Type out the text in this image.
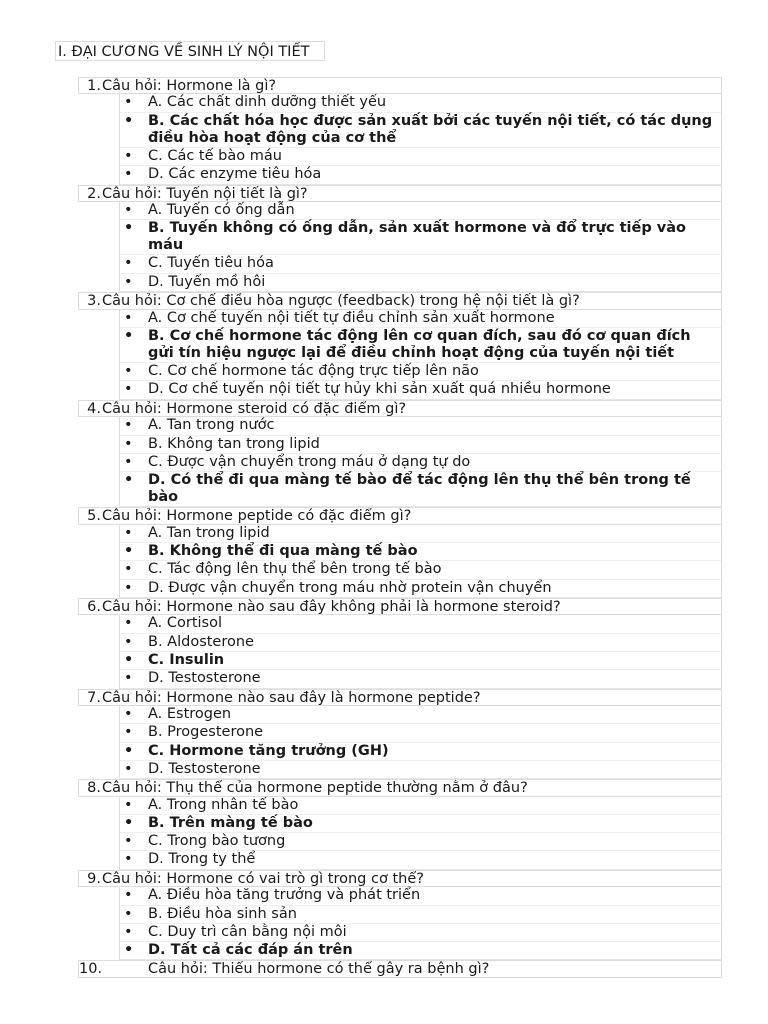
I. ĐẠI CƯƠNG VỀ SINH LÝ NỘI TIẾT
1. Câu hỏi: Hormone là gì?
• A. Các chất dinh dưỡng thiết yếu
• B. Các chất hóa học được sản xuất bởi các tuyến nội tiết, có tác dụng điều hòa hoạt động của cơ thể
• C. Các tế bào máu
• D. Các enzyme tiêu hóa
2. Câu hỏi: Tuyến nội tiết là gì?
• A. Tuyến có ống dẫn
• B. Tuyến không có ống dẫn, sản xuất hormone và đổ trực tiếp vào máu
• C. Tuyến tiêu hóa
• D. Tuyến mồ hôi
3. Câu hỏi: Cơ chế điều hòa ngược (feedback) trong hệ nội tiết là gì?
• A. Cơ chế tuyến nội tiết tự điều chỉnh sản xuất hormone
• B. Cơ chế hormone tác động lên cơ quan đích, sau đó cơ quan đích gửi tín hiệu ngược lại để điều chỉnh hoạt động của tuyến nội tiết
• C. Cơ chế hormone tác động trực tiếp lên não
• D. Cơ chế tuyến nội tiết tự hủy khi sản xuất quá nhiều hormone
4. Câu hỏi: Hormone steroid có đặc điểm gì?
• A. Tan trong nước
• B. Không tan trong lipid
• C. Được vận chuyển trong máu ở dạng tự do
• D. Có thể đi qua màng tế bào để tác động lên thụ thể bên trong tế bào
5. Câu hỏi: Hormone peptide có đặc điểm gì?
• A. Tan trong lipid
• B. Không thể đi qua màng tế bào
• C. Tác động lên thụ thể bên trong tế bào
• D. Được vận chuyển trong máu nhờ protein vận chuyển
6. Câu hỏi: Hormone nào sau đây không phải là hormone steroid?
• A. Cortisol
• B. Aldosterone
• C. Insulin
• D. Testosterone
7. Câu hỏi: Hormone nào sau đây là hormone peptide?
• A. Estrogen
• B. Progesterone
• C. Hormone tăng trưởng (GH)
• D. Testosterone
8. Câu hỏi: Thụ thể của hormone peptide thường nằm ở đâu?
• A. Trong nhân tế bào
• B. Trên màng tế bào
• C. Trong bào tương
• D. Trong ty thể
9. Câu hỏi: Hormone có vai trò gì trong cơ thể?
• A. Điều hòa tăng trưởng và phát triển
• B. Điều hòa sinh sản
• C. Duy trì cân bằng nội môi
• D. Tất cả các đáp án trên
10.	Câu hỏi: Thiếu hormone có thể gây ra bệnh gì?
